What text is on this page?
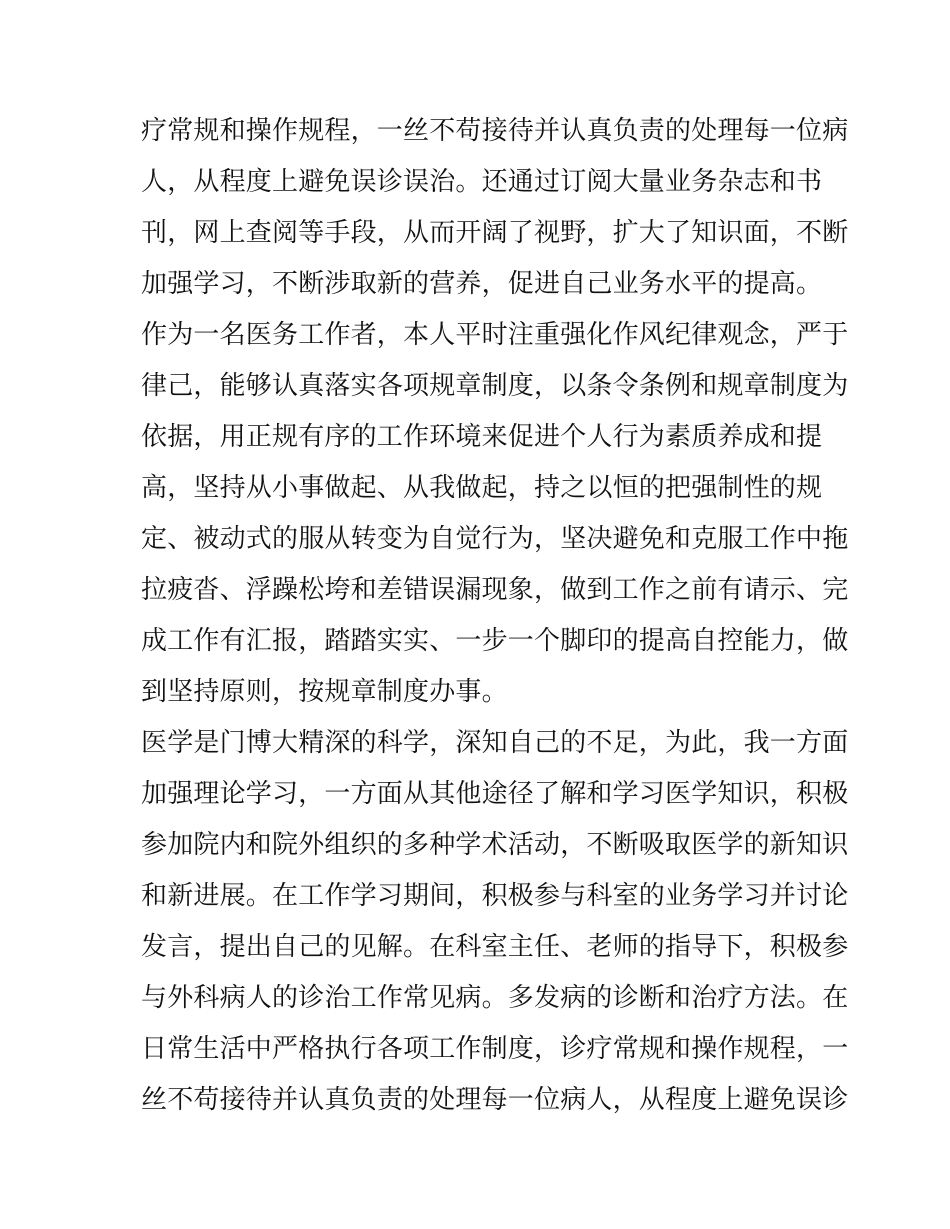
疗常规和操作规程，一丝不苟接待并认真负责的处理每一位病
人，从程度上避免误诊误治。还通过订阅大量业务杂志和书
刊，网上查阅等手段，从而开阔了视野，扩大了知识面，不断
加强学习，不断涉取新的营养，促进自己业务水平的提高。
作为一名医务工作者，本人平时注重强化作风纪律观念，严于
律己，能够认真落实各项规章制度，以条令条例和规章制度为
依据，用正规有序的工作环境来促进个人行为素质养成和提
高，坚持从小事做起、从我做起，持之以恒的把强制性的规
定、被动式的服从转变为自觉行为，坚决避免和克服工作中拖
拉疲沓、浮躁松垮和差错误漏现象，做到工作之前有请示、完
成工作有汇报，踏踏实实、一步一个脚印的提高自控能力，做
到坚持原则，按规章制度办事。
医学是门博大精深的科学，深知自己的不足，为此，我一方面
加强理论学习，一方面从其他途径了解和学习医学知识，积极
参加院内和院外组织的多种学术活动，不断吸取医学的新知识
和新进展。在工作学习期间，积极参与科室的业务学习并讨论
发言，提出自己的见解。在科室主任、老师的指导下，积极参
与外科病人的诊治工作常见病。多发病的诊断和治疗方法。在
日常生活中严格执行各项工作制度，诊疗常规和操作规程，一
丝不苟接待并认真负责的处理每一位病人，从程度上避免误诊
